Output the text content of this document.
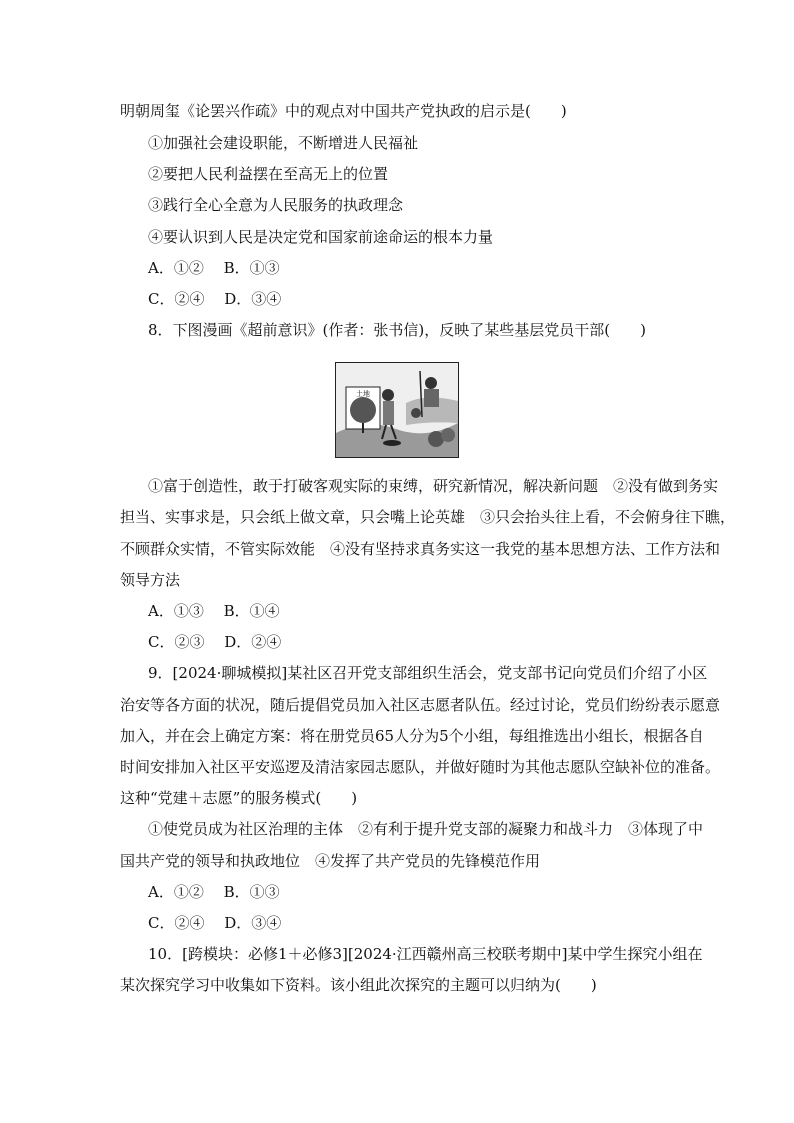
明朝周玺《论罢兴作疏》中的观点对中国共产党执政的启示是(　　)
①加强社会建设职能，不断增进人民福祉
②要把人民利益摆在至高无上的位置
③践行全心全意为人民服务的执政理念
④要认识到人民是决定党和国家前途命运的根本力量
A．①②　 B．①③
C．②④　 D．③④
8．下图漫画《超前意识》(作者：张书信)，反映了某些基层党员干部(　　)
土地
①富于创造性，敢于打破客观实际的束缚，研究新情况，解决新问题　②没有做到务实
担当、实事求是，只会纸上做文章，只会嘴上论英雄　③只会抬头往上看，不会俯身往下瞧，
不顾群众实情，不管实际效能　④没有坚持求真务实这一我党的基本思想方法、工作方法和
领导方法
A．①③　 B．①④
C．②③　 D．②④
9．[2024·聊城模拟]某社区召开党支部组织生活会，党支部书记向党员们介绍了小区
治安等各方面的状况，随后提倡党员加入社区志愿者队伍。经过讨论，党员们纷纷表示愿意
加入，并在会上确定方案：将在册党员65人分为5个小组，每组推选出小组长，根据各自
时间安排加入社区平安巡逻及清洁家园志愿队，并做好随时为其他志愿队空缺补位的准备。
这种“党建＋志愿”的服务模式(　　)
①使党员成为社区治理的主体　②有利于提升党支部的凝聚力和战斗力　③体现了中
国共产党的领导和执政地位　④发挥了共产党员的先锋模范作用
A．①②　 B．①③
C．②④　 D．③④
10．[跨模块：必修1＋必修3][2024·江西赣州高三校联考期中]某中学生探究小组在
某次探究学习中收集如下资料。该小组此次探究的主题可以归纳为(　　)
